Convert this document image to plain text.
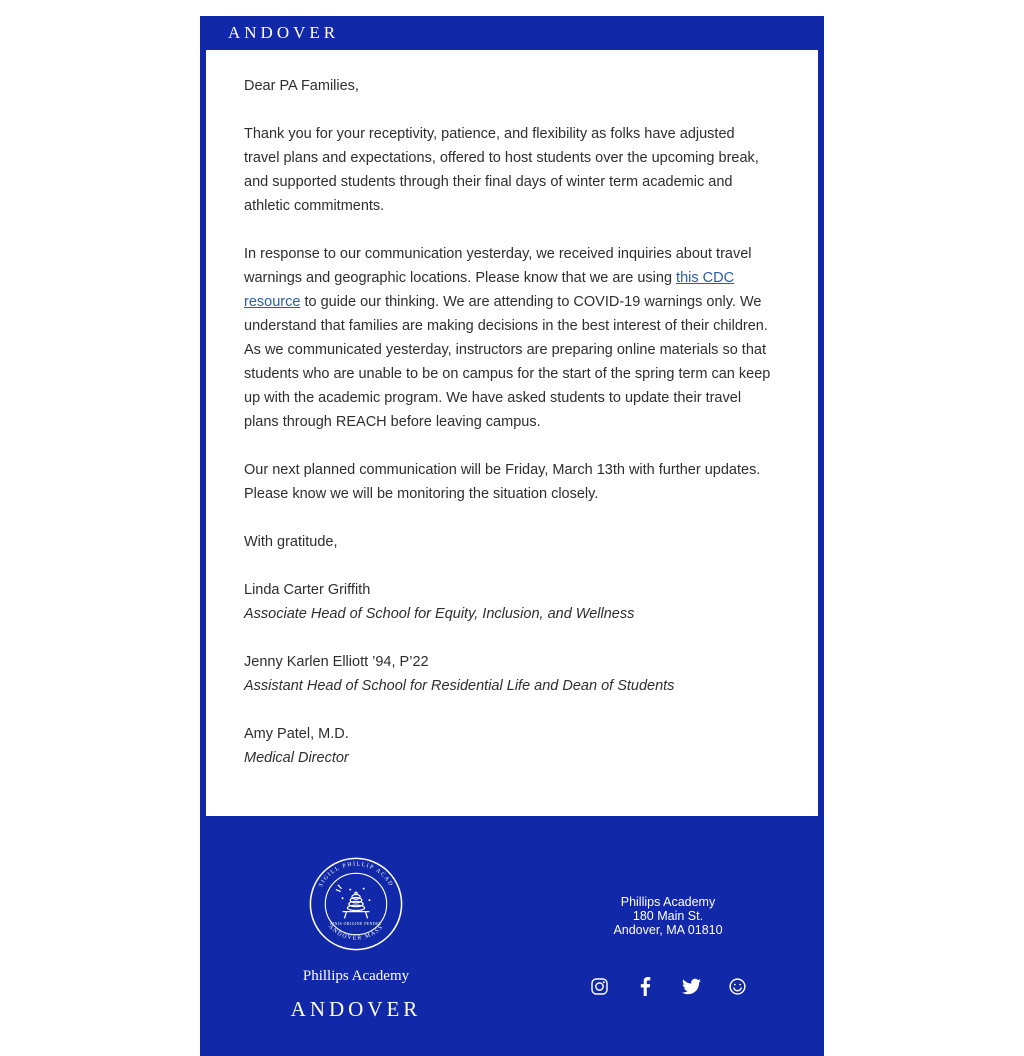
ANDOVER

Dear PA Families,

Thank you for your receptivity, patience, and flexibility as folks have adjusted travel plans and expectations, offered to host students over the upcoming break, and supported students through their final days of winter term academic and athletic commitments.

In response to our communication yesterday, we received inquiries about travel warnings and geographic locations. Please know that we are using this CDC resource to guide our thinking. We are attending to COVID-19 warnings only. We understand that families are making decisions in the best interest of their children. As we communicated yesterday, instructors are preparing online materials so that students who are unable to be on campus for the start of the spring term can keep up with the academic program. We have asked students to update their travel plans through REACH before leaving campus.

Our next planned communication will be Friday, March 13th with further updates. Please know we will be monitoring the situation closely.

With gratitude,

Linda Carter Griffith
Associate Head of School for Equity, Inclusion, and Wellness
Jenny Karlen Elliott ’94, P’22
Assistant Head of School for Residential Life and Dean of Students
Amy Patel, M.D.
Medical Director
SIGILL PHILLIP ACAD
ANDOVER MASS
FINIS ORIGINE PENDET
Phillips Academy
ANDOVER
Phillips Academy
180 Main St.
Andover, MA 01810
